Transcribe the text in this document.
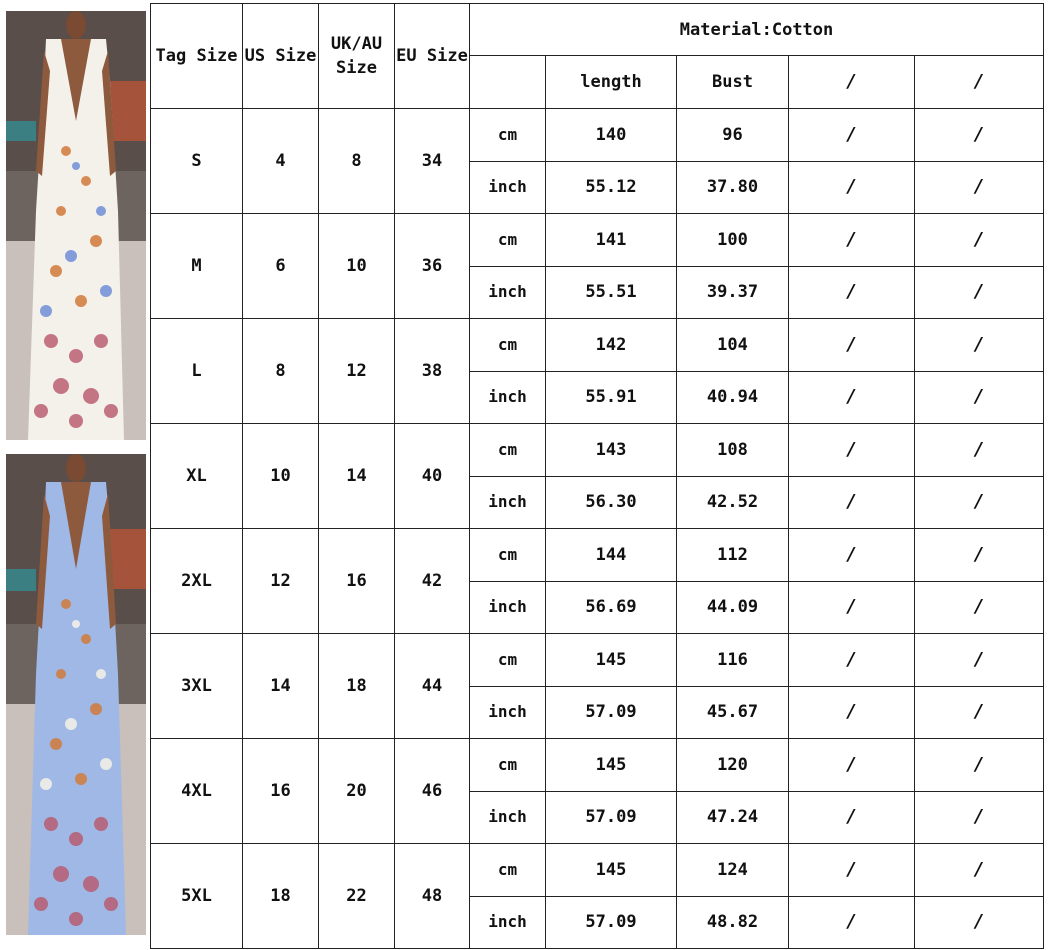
Tag Size	US Size	UK/AU Size	EU Size	Material:Cotton				
					length	Bust	/	/
S	4	8	34	cm	140	96	/	/
				inch	55.12	37.80	/	/
M	6	10	36	cm	141	100	/	/
				inch	55.51	39.37	/	/
L	8	12	38	cm	142	104	/	/
				inch	55.91	40.94	/	/
XL	10	14	40	cm	143	108	/	/
				inch	56.30	42.52	/	/
2XL	12	16	42	cm	144	112	/	/
				inch	56.69	44.09	/	/
3XL	14	18	44	cm	145	116	/	/
				inch	57.09	45.67	/	/
4XL	16	20	46	cm	145	120	/	/
				inch	57.09	47.24	/	/
5XL	18	22	48	cm	145	124	/	/
				inch	57.09	48.82	/	/
